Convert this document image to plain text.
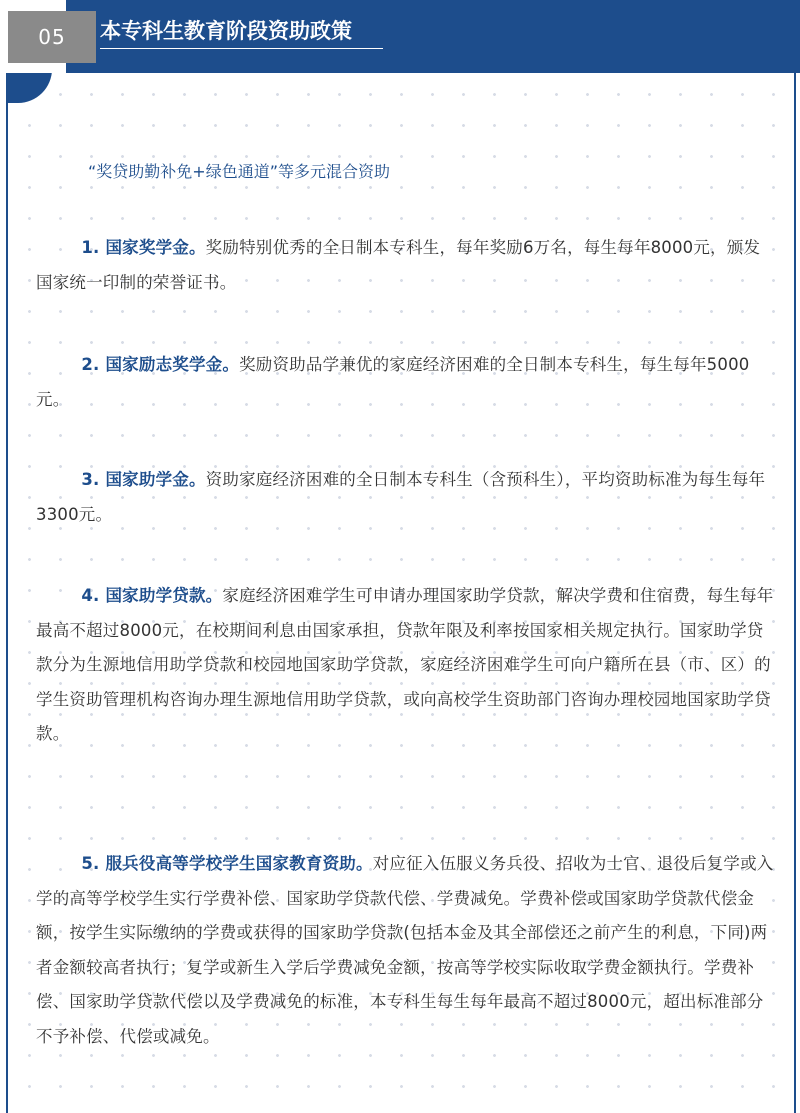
05	本专科生教育阶段资助政策
“奖贷助勤补免+绿色通道”等多元混合资助

1. 国家奖学金。奖励特别优秀的全日制本专科生，每年奖励6万名，每生每年8000元，颁发国家统一印制的荣誉证书。

2. 国家励志奖学金。奖励资助品学兼优的家庭经济困难的全日制本专科生，每生每年5000元。

3. 国家助学金。资助家庭经济困难的全日制本专科生（含预科生），平均资助标准为每生每年3300元。

4. 国家助学贷款。家庭经济困难学生可申请办理国家助学贷款，解决学费和住宿费，每生每年最高不超过8000元，在校期间利息由国家承担，贷款年限及利率按国家相关规定执行。国家助学贷款分为生源地信用助学贷款和校园地国家助学贷款，家庭经济困难学生可向户籍所在县（市、区）的学生资助管理机构咨询办理生源地信用助学贷款，或向高校学生资助部门咨询办理校园地国家助学贷款。

5. 服兵役高等学校学生国家教育资助。对应征入伍服义务兵役、招收为士官、退役后复学或入学的高等学校学生实行学费补偿、国家助学贷款代偿、学费减免。学费补偿或国家助学贷款代偿金额，按学生实际缴纳的学费或获得的国家助学贷款(包括本金及其全部偿还之前产生的利息，下同)两者金额较高者执行；复学或新生入学后学费减免金额，按高等学校实际收取学费金额执行。学费补偿、国家助学贷款代偿以及学费减免的标准，本专科生每生每年最高不超过8000元，超出标准部分不予补偿、代偿或减免。
